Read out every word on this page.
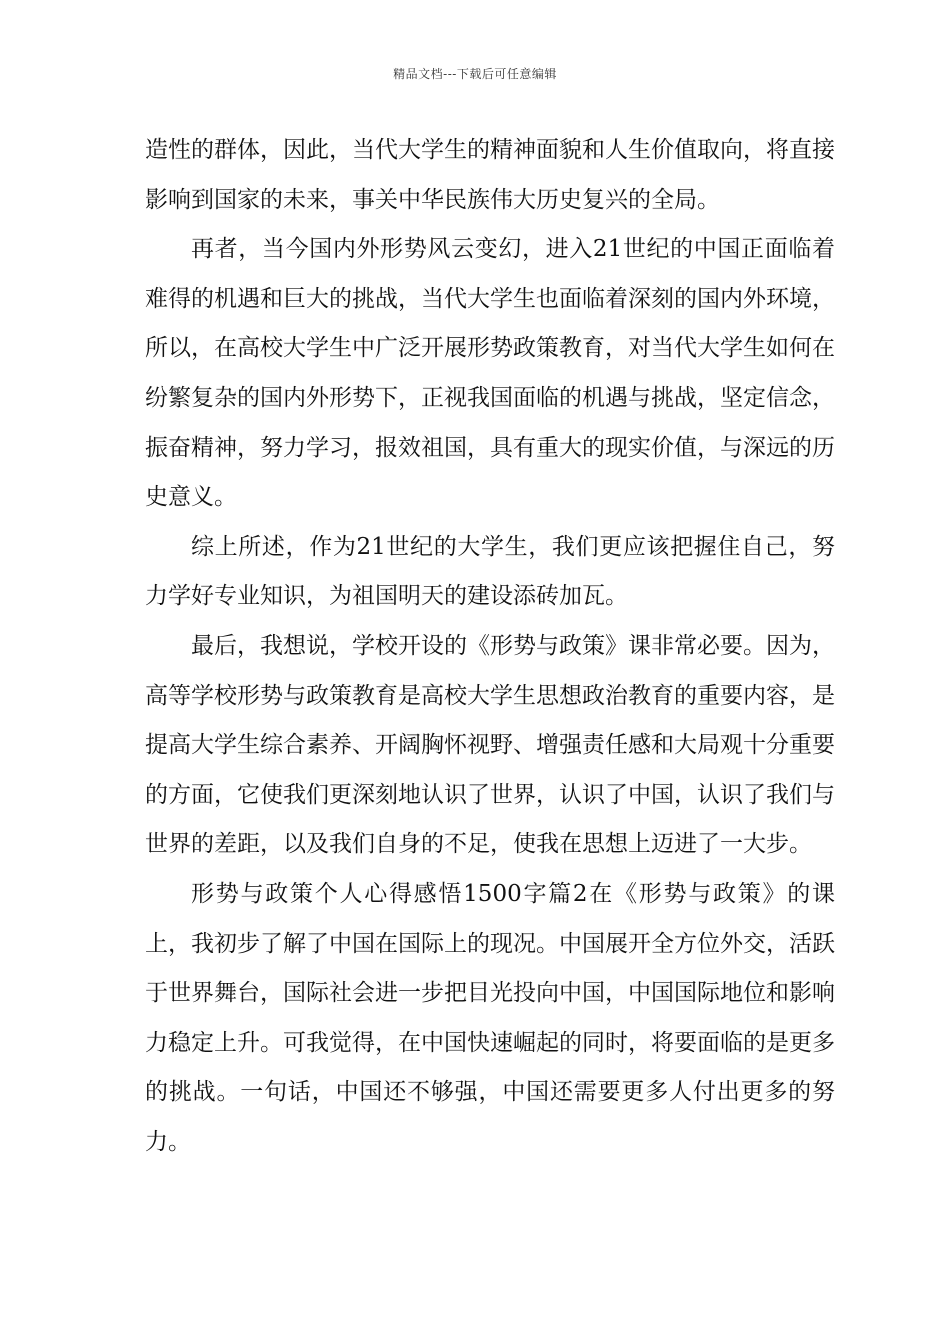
精品文档---下载后可任意编辑

造性的群体，因此，当代大学生的精神面貌和人生价值取向，将直接影响到国家的未来，事关中华民族伟大历史复兴的全局。

再者，当今国内外形势风云变幻，进入21世纪的中国正面临着难得的机遇和巨大的挑战，当代大学生也面临着深刻的国内外环境，所以，在高校大学生中广泛开展形势政策教育，对当代大学生如何在纷繁复杂的国内外形势下，正视我国面临的机遇与挑战，坚定信念，振奋精神，努力学习，报效祖国，具有重大的现实价值，与深远的历史意义。

综上所述，作为21世纪的大学生，我们更应该把握住自己，努力学好专业知识，为祖国明天的建设添砖加瓦。

最后，我想说，学校开设的《形势与政策》课非常必要。因为，高等学校形势与政策教育是高校大学生思想政治教育的重要内容，是提高大学生综合素养、开阔胸怀视野、增强责任感和大局观十分重要的方面，它使我们更深刻地认识了世界，认识了中国，认识了我们与世界的差距，以及我们自身的不足，使我在思想上迈进了一大步。

形势与政策个人心得感悟1500字篇2在《形势与政策》的课上，我初步了解了中国在国际上的现况。中国展开全方位外交，活跃于世界舞台，国际社会进一步把目光投向中国，中国国际地位和影响力稳定上升。可我觉得，在中国快速崛起的同时，将要面临的是更多的挑战。一句话，中国还不够强，中国还需要更多人付出更多的努力。
